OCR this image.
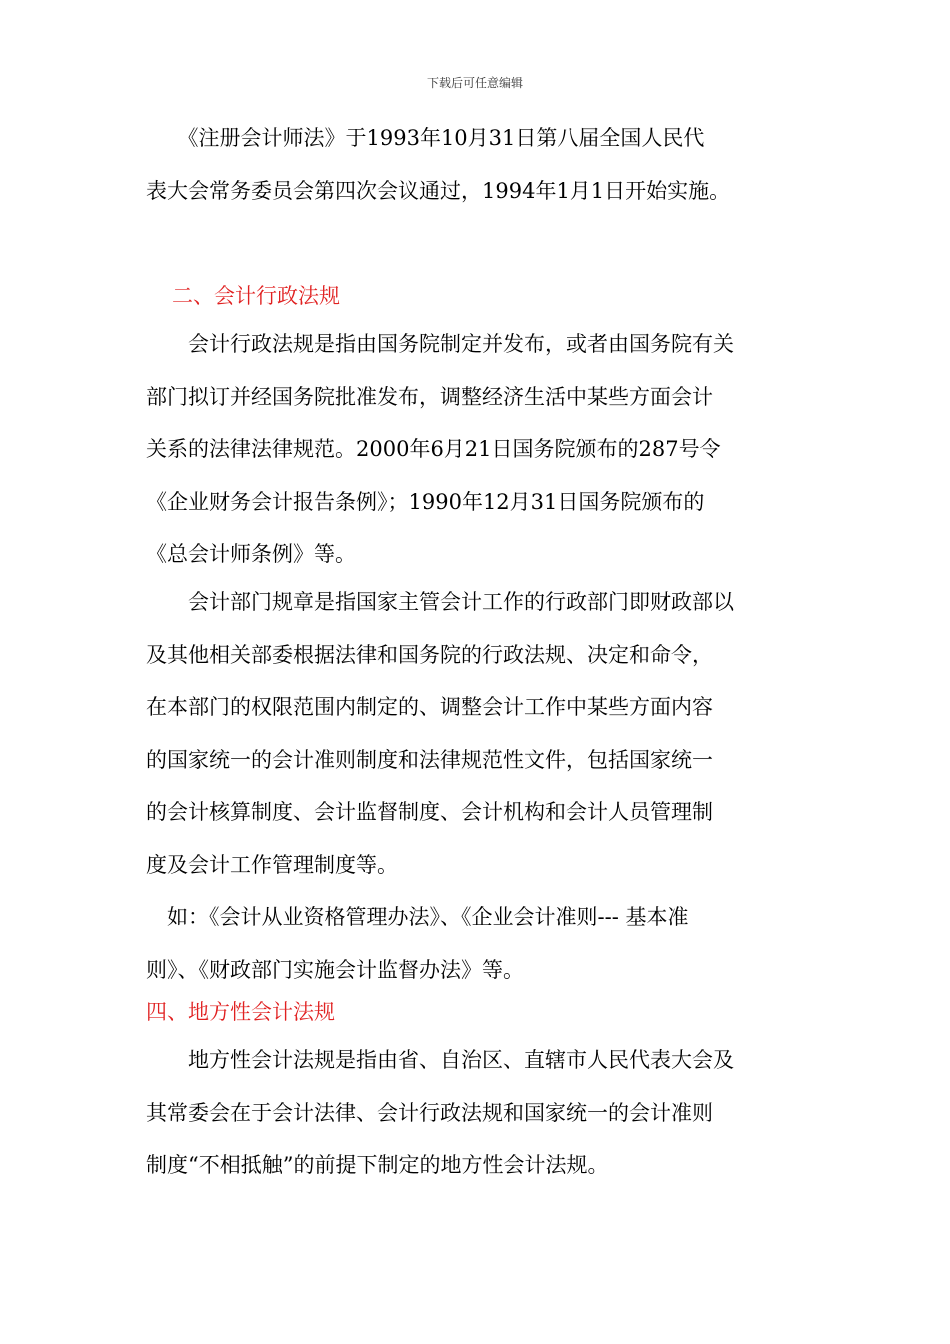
下载后可任意编辑
　　《注册会计师法》于1993年10月31日第八届全国人民代
表大会常务委员会第四次会议通过，1994年1月1日开始实施。
二、会计行政法规
　　会计行政法规是指由国务院制定并发布，或者由国务院有关
部门拟订并经国务院批准发布，调整经济生活中某些方面会计
关系的法律法律规范。2000年6月21日国务院颁布的287号令
《企业财务会计报告条例》；1990年12月31日国务院颁布的
《总会计师条例》等。
　　会计部门规章是指国家主管会计工作的行政部门即财政部以
及其他相关部委根据法律和国务院的行政法规、决定和命令，
在本部门的权限范围内制定的、调整会计工作中某些方面内容
的国家统一的会计准则制度和法律规范性文件，包括国家统一
的会计核算制度、会计监督制度、会计机构和会计人员管理制
度及会计工作管理制度等。
　如：《会计从业资格管理办法》、《企业会计准则--- 基本准
则》、《财政部门实施会计监督办法》等。
四、地方性会计法规
　　地方性会计法规是指由省、自治区、直辖市人民代表大会及
其常委会在于会计法律、会计行政法规和国家统一的会计准则
制度“不相抵触”的前提下制定的地方性会计法规。
